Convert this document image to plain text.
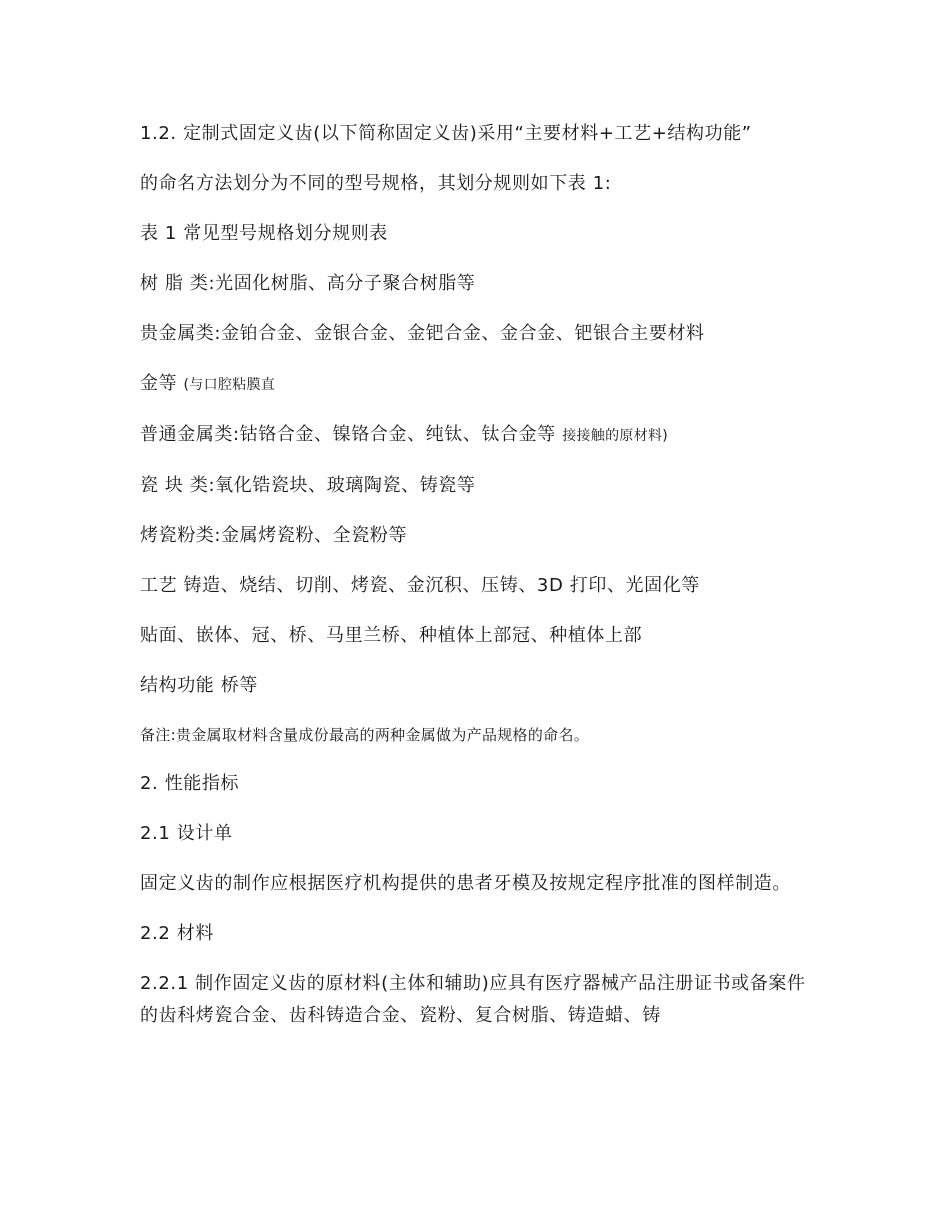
1.2. 定制式固定义齿(以下简称固定义齿)采用“主要材料+工艺+结构功能”

的命名方法划分为不同的型号规格，其划分规则如下表 1:

表 1 常见型号规格划分规则表

树 脂 类:光固化树脂、高分子聚合树脂等

贵金属类:金铂合金、金银合金、金钯合金、金合金、钯银合主要材料

金等 (与口腔粘膜直

普通金属类:钴铬合金、镍铬合金、纯钛、钛合金等 接接触的原材料)

瓷 块 类:氧化锆瓷块、玻璃陶瓷、铸瓷等

烤瓷粉类:金属烤瓷粉、全瓷粉等

工艺 铸造、烧结、切削、烤瓷、金沉积、压铸、3D 打印、光固化等

贴面、嵌体、冠、桥、马里兰桥、种植体上部冠、种植体上部

结构功能 桥等

备注:贵金属取材料含量成份最高的两种金属做为产品规格的命名。

2. 性能指标

2.1 设计单

固定义齿的制作应根据医疗机构提供的患者牙模及按规定程序批准的图样制造。

2.2 材料

2.2.1 制作固定义齿的原材料(主体和辅助)应具有医疗器械产品注册证书或备案件的齿科烤瓷合金、齿科铸造合金、瓷粉、复合树脂、铸造蜡、铸
